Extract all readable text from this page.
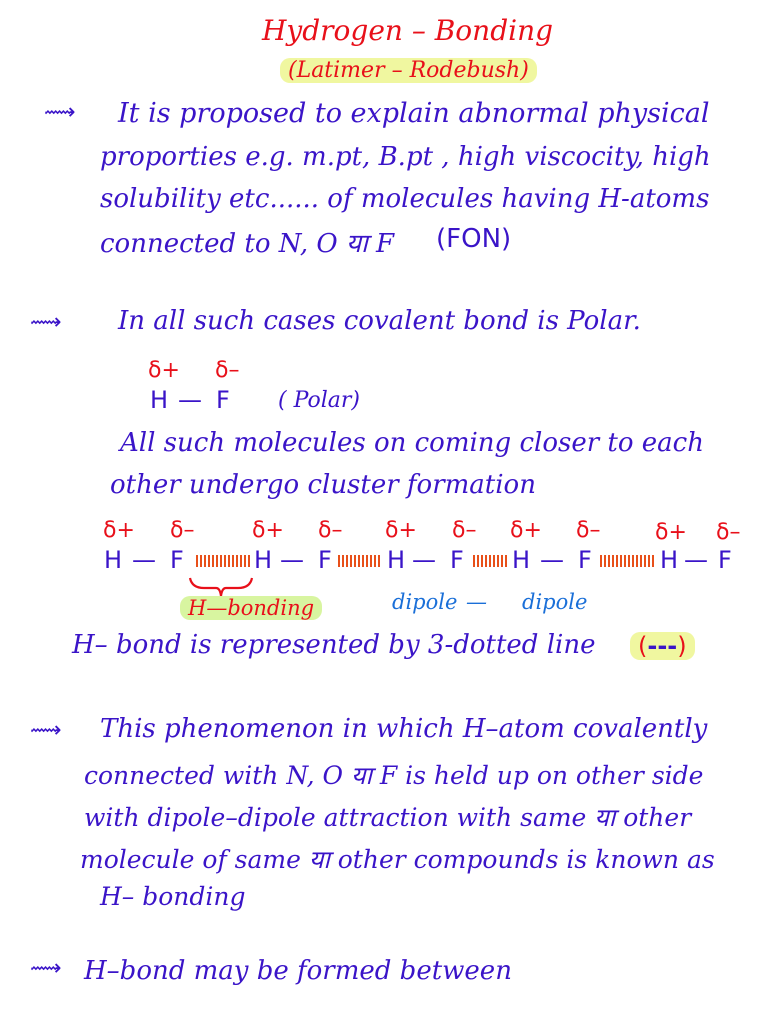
Hydrogen – Bonding
(Latimer – Rodebush)
⟿ It is proposed to explain abnormal physical
proporties e.g. m.pt, B.pt , high viscocity, high
solubility etc...... of molecules having H-atoms
connected to N, O या F (FON)
⟿ In all such cases covalent bond is Polar.
δ+ δ–
H — F ( Polar)
All such molecules on coming closer to each
other undergo cluster formation
δ+ δ–	δ+ δ– δ+ δ– δ+ δ– δ+ δ–
H — F	H — F H — F H — F	H — F
H—bonding	dipole — dipole
H– bond is represented by 3-dotted line	(---)
⟿ This phenomenon in which H–atom covalently
connected with N, O या F is held up on other side
with dipole–dipole attraction with same या other
molecule of same या other compounds is known as
H– bonding
⟿ H–bond may be formed between
